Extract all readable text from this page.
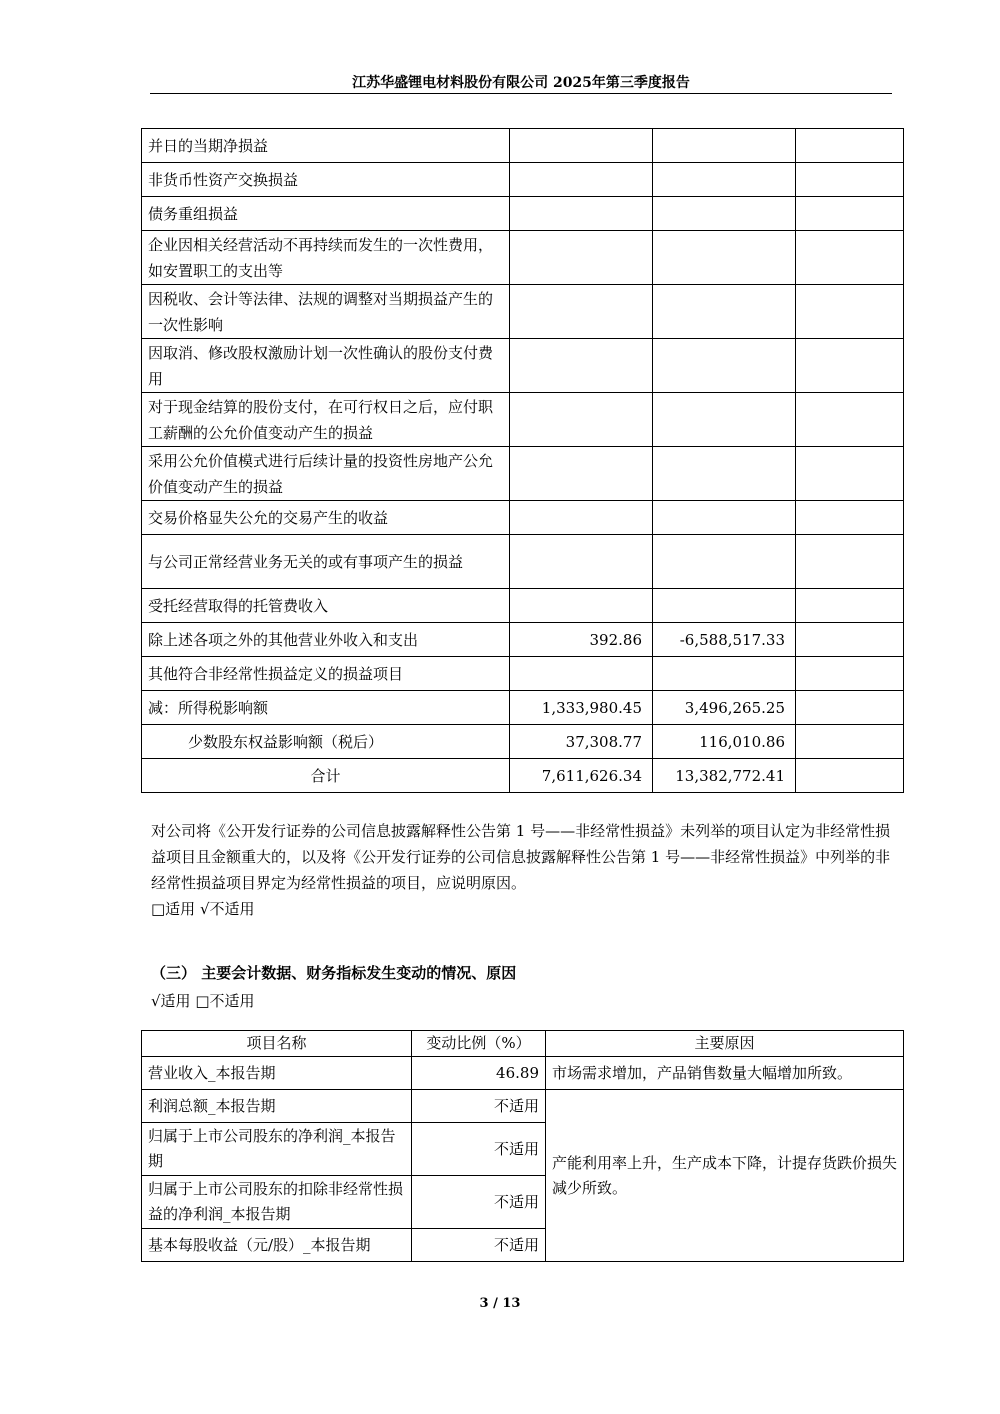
江苏华盛锂电材料股份有限公司 2025年第三季度报告
并日的当期净损益			
非货币性资产交换损益			
债务重组损益			
企业因相关经营活动不再持续而发生的一次性费用，如安置职工的支出等			
因税收、会计等法律、法规的调整对当期损益产生的一次性影响			
因取消、修改股权激励计划一次性确认的股份支付费用			
对于现金结算的股份支付，在可行权日之后，应付职工薪酬的公允价值变动产生的损益			
采用公允价值模式进行后续计量的投资性房地产公允价值变动产生的损益			
交易价格显失公允的交易产生的收益			
与公司正常经营业务无关的或有事项产生的损益			
受托经营取得的托管费收入			
除上述各项之外的其他营业外收入和支出	392.86	-6,588,517.33	
其他符合非经常性损益定义的损益项目			
减：所得税影响额	1,333,980.45	3,496,265.25	
少数股东权益影响额（税后）	37,308.77	116,010.86	
合计	7,611,626.34	13,382,772.41	

对公司将《公开发行证券的公司信息披露解释性公告第 1 号——非经常性损益》未列举的项目认定为非经常性损益项目且金额重大的，以及将《公开发行证券的公司信息披露解释性公告第 1 号——非经常性损益》中列举的非经常性损益项目界定为经常性损益的项目，应说明原因。

□适用 √不适用

（三） 主要会计数据、财务指标发生变动的情况、原因
√适用 □不适用
项目名称	变动比例（%）	主要原因
营业收入_本报告期	46.89	市场需求增加，产品销售数量大幅增加所致。
利润总额_本报告期	不适用	产能利用率上升，生产成本下降，计提存货跌价损失减少所致。
归属于上市公司股东的净利润_本报告期	不适用	
归属于上市公司股东的扣除非经常性损益的净利润_本报告期	不适用	
基本每股收益（元/股）_本报告期	不适用	
3 / 13
